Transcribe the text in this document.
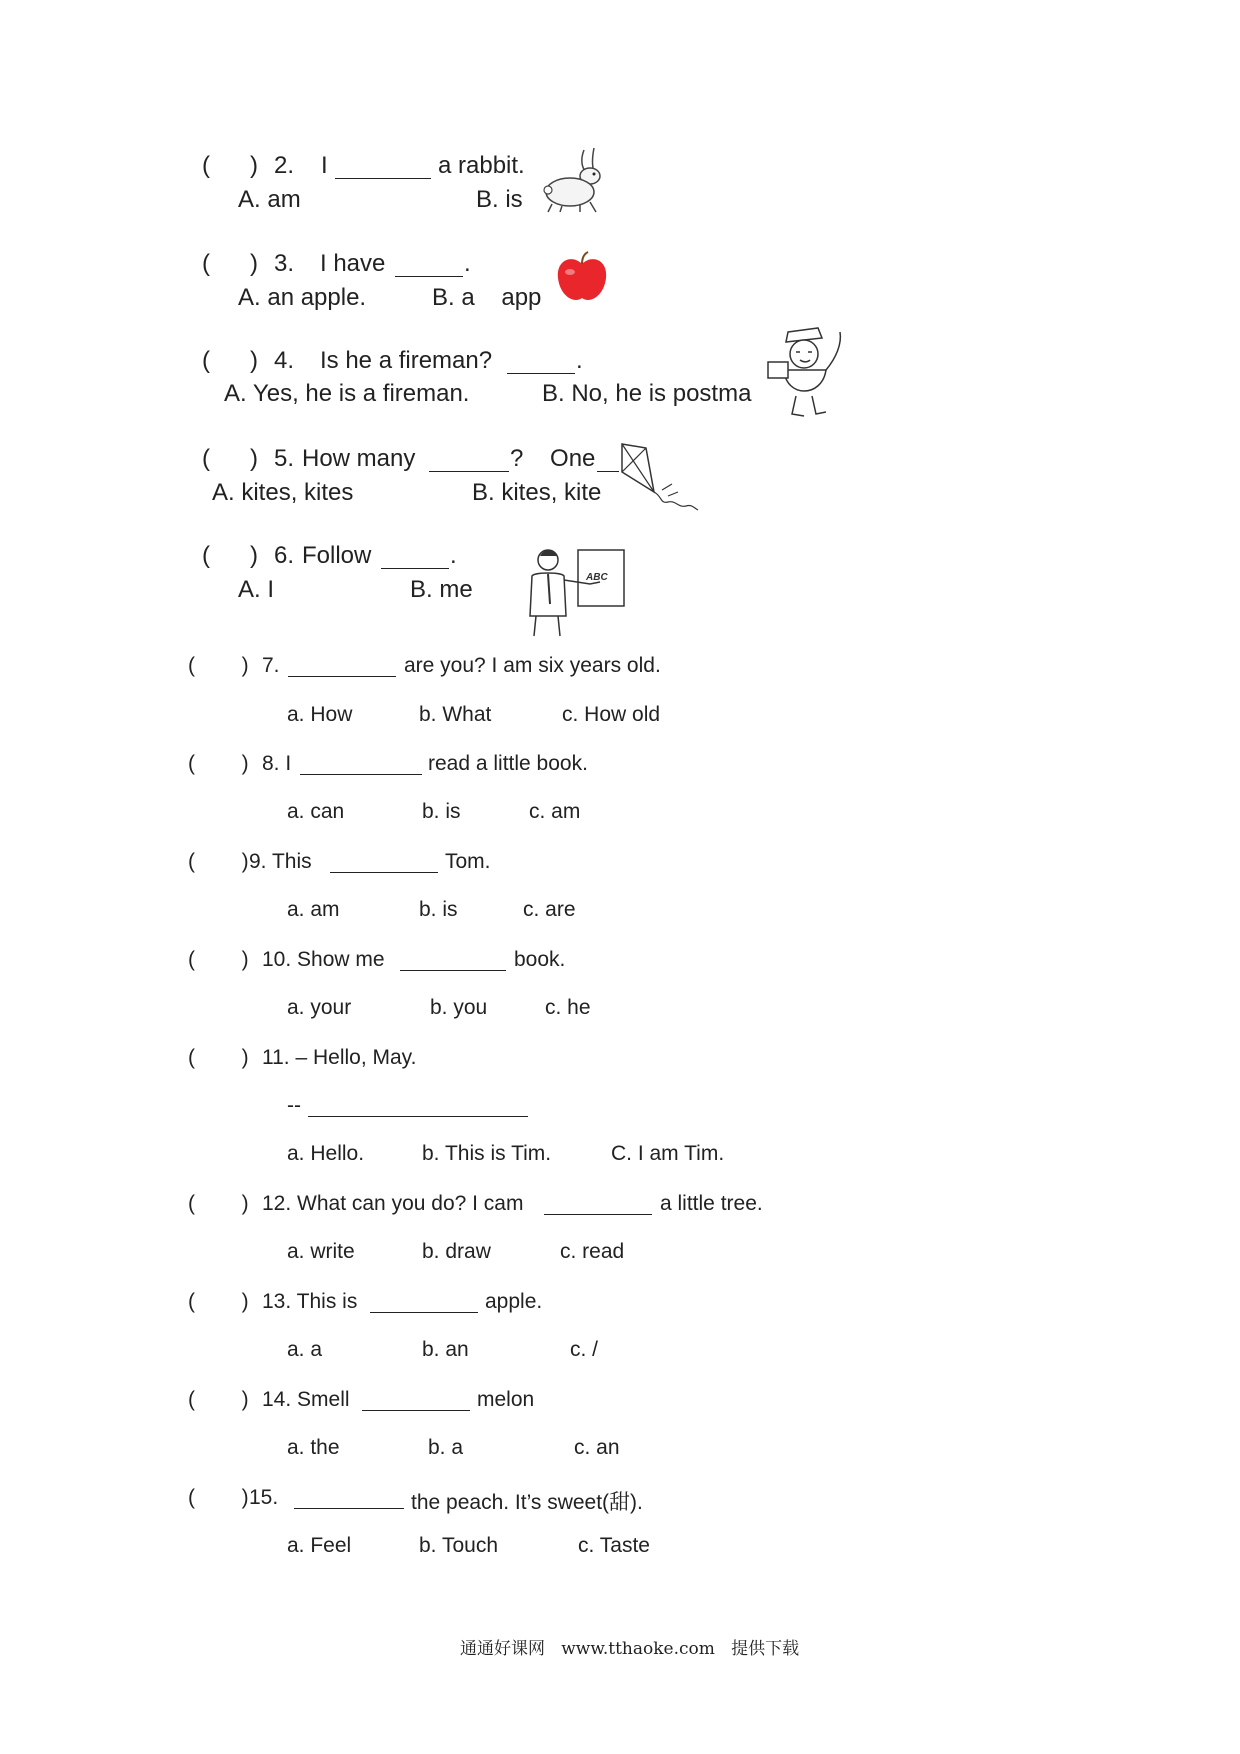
(      ) 2. I	a rabbit.
A. am	B. is
(      ) 3. I have	.
A. an apple.	B. a    app
(      ) 4. Is he a fireman?	.
A. Yes, he is a fireman.	B. No, he is postma
(      ) 5. How many	?    One
A. kites, kites	B. kites, kite
(      ) 6. Follow	.
A. I	B. me	ABC
(        ) 7.	are you? I am six years old.
a. How	b. What	c. How old
(        ) 8. I	read a little book.
a. can	b. is	c. am
(        ) 9. This	Tom.
a. am	b. is	c. are
(        ) 10. Show me	book.
a. your	b. you	c. he
(        ) 11. – Hello, May.
--
a. Hello.	b. This is Tim.	C. I am Tim.
(        ) 12. What can you do? I cam	a little tree.
a. write	b. draw	c. read
(        ) 13. This is	apple.
a. a	b. an	c. /
(        ) 14. Smell	melon
a. the	b. a	c. an
(        ) 15.	the peach. It’s sweet(甜).
a. Feel	b. Touch	c. Taste
通通好课网   www.tthaoke.com   提供下载
